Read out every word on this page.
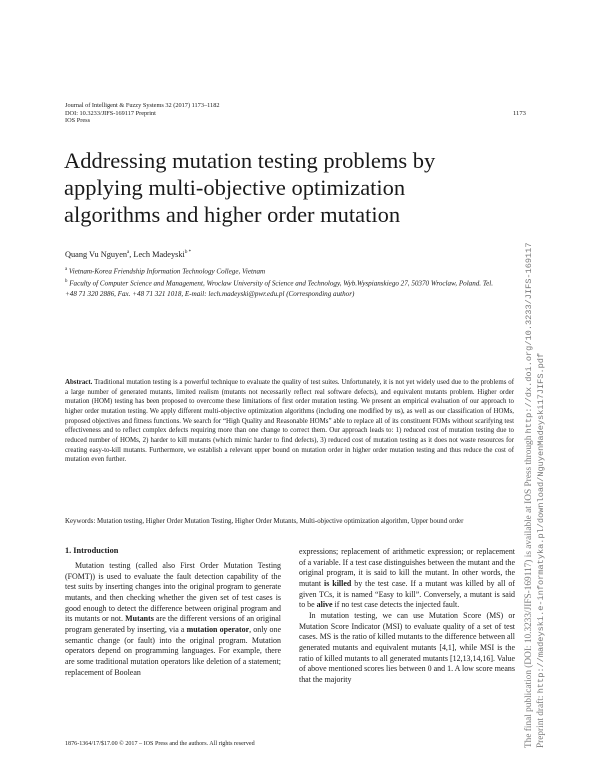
Journal of Intelligent & Fuzzy Systems 32 (2017) 1173–1182
DOI: 10.3233/JIFS-169117 Preprint
IOS Press
1173
Addressing mutation testing problems by applying multi-objective optimization algorithms and higher order mutation
Quang Vu Nguyen$^a$, Lech Madeyski$^{b *}$

$^a$ Vietnam-Korea Friendship Information Technology College, Vietnam

$^b$ Faculty of Computer Science and Management, Wroclaw University of Science and Technology, Wyb.Wyspianskiego 27, 50370 Wroclaw, Poland. Tel. +48 71 320 2886, Fax. +48 71 321 1018, E-mail: lech.madeyski@pwr.edu.pl (Corresponding author)

Abstract. Traditional mutation testing is a powerful technique to evaluate the quality of test suites. Unfortunately, it is not yet widely used due to the problems of a large number of generated mutants, limited realism (mutants not necessarily reflect real software defects), and equivalent mutants problem. Higher order mutation (HOM) testing has been proposed to overcome these limitations of first order mutation testing. We present an empirical evaluation of our approach to higher order mutation testing. We apply different multi-objective optimization algorithms (including one modified by us), as well as our classification of HOMs, proposed objectives and fitness functions. We search for “High Quality and Reasonable HOMs” able to replace all of its constituent FOMs without scarifying test effectiveness and to reflect complex defects requiring more than one change to correct them. Our approach leads to: 1) reduced cost of mutation testing due to reduced number of HOMs, 2) harder to kill mutants (which mimic harder to find defects), 3) reduced cost of mutation testing as it does not waste resources for creating easy-to-kill mutants. Furthermore, we establish a relevant upper bound on mutation order in higher order mutation testing and thus reduce the cost of mutation even further.
Keywords: Mutation testing, Higher Order Mutation Testing, Higher Order Mutants, Multi-objective optimization algorithm, Upper bound order
1. Introduction

Mutation testing (called also First Order Mutation Testing (FOMT)) is used to evaluate the fault detection capability of the test suits by inserting changes into the original program to generate mutants, and then checking whether the given set of test cases is good enough to detect the difference between original program and its mutants or not. Mutants are the different versions of an original program generated by inserting, via a mutation operator, only one semantic change (or fault) into the original program. Mutation operators depend on programming languages. For example, there are some traditional mutation operators like deletion of a statement; replacement of Boolean

expressions; replacement of arithmetic expression; or replacement of a variable. If a test case distinguishes between the mutant and the original program, it is said to kill the mutant. In other words, the mutant is killed by the test case. If a mutant was killed by all of given TCs, it is named “Easy to kill”. Conversely, a mutant is said to be alive if no test case detects the injected fault.

In mutation testing, we can use Mutation Score (MS) or Mutation Score Indicator (MSI) to evaluate quality of a set of test cases. MS is the ratio of killed mutants to the difference between all generated mutants and equivalent mutants [4,1], while MSI is the ratio of killed mutants to all generated mutants [12,13,14,16]. Value of above mentioned scores lies between 0 and 1. A low score means that the majority

1876-1364/17/$17.00 © 2017 – IOS Press and the authors. All rights reserved	The final publication (DOI: 10.3233/JIFS-169117) is available at IOS Press through http://dx.doi.org/10.3233/JIFS-169117
Preprint draft: http://madeyski.e-informatyka.pl/download/NguyenMadeyski17JIFS.pdf
